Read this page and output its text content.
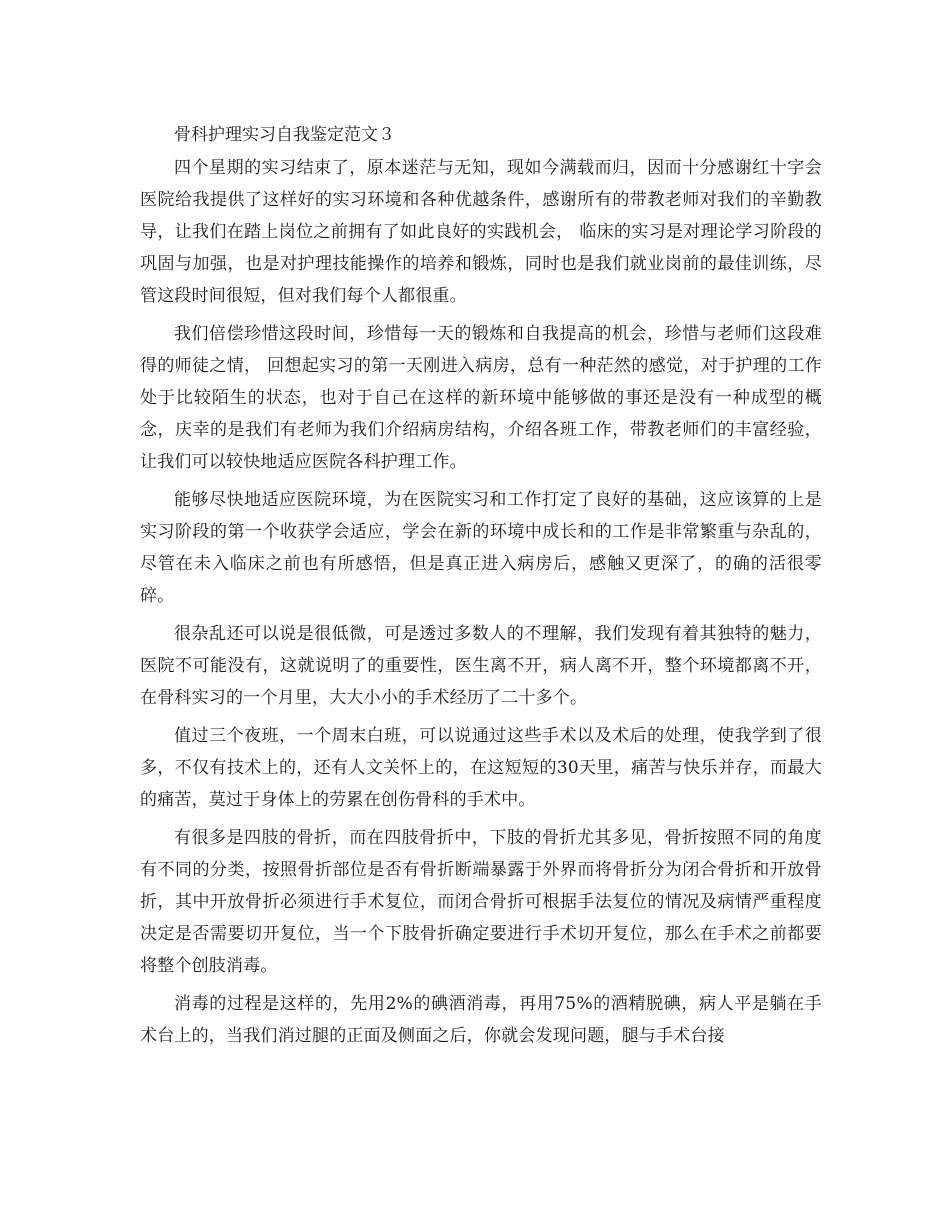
骨科护理实习自我鉴定范文３

四个星期的实习结束了，原本迷茫与无知，现如今满载而归，因而十分感谢红十字会医院给我提供了这样好的实习环境和各种优越条件，感谢所有的带教老师对我们的辛勤教导，让我们在踏上岗位之前拥有了如此良好的实践机会， 临床的实习是对理论学习阶段的巩固与加强，也是对护理技能操作的培养和锻炼，同时也是我们就业岗前的最佳训练，尽管这段时间很短，但对我们每个人都很重。

我们倍偿珍惜这段时间，珍惜每一天的锻炼和自我提高的机会，珍惜与老师们这段难得的师徒之情， 回想起实习的第一天刚进入病房，总有一种茫然的感觉，对于护理的工作处于比较陌生的状态，也对于自己在这样的新环境中能够做的事还是没有一种成型的概念，庆幸的是我们有老师为我们介绍病房结构，介绍各班工作，带教老师们的丰富经验，让我们可以较快地适应医院各科护理工作。

能够尽快地适应医院环境，为在医院实习和工作打定了良好的基础，这应该算的上是实习阶段的第一个收获学会适应，学会在新的环境中成长和的工作是非常繁重与杂乱的，尽管在未入临床之前也有所感悟，但是真正进入病房后，感触又更深了，的确的活很零碎。

很杂乱还可以说是很低微，可是透过多数人的不理解，我们发现有着其独特的魅力，医院不可能没有，这就说明了的重要性，医生离不开，病人离不开，整个环境都离不开， 在骨科实习的一个月里，大大小小的手术经历了二十多个。

值过三个夜班，一个周末白班，可以说通过这些手术以及术后的处理，使我学到了很多，不仅有技术上的，还有人文关怀上的，在这短短的30天里，痛苦与快乐并存，而最大的痛苦，莫过于身体上的劳累在创伤骨科的手术中。

有很多是四肢的骨折，而在四肢骨折中，下肢的骨折尤其多见，骨折按照不同的角度有不同的分类，按照骨折部位是否有骨折断端暴露于外界而将骨折分为闭合骨折和开放骨折，其中开放骨折必须进行手术复位，而闭合骨折可根据手法复位的情况及病情严重程度决定是否需要切开复位，当一个下肢骨折确定要进行手术切开复位，那么在手术之前都要将整个创肢消毒。

消毒的过程是这样的，先用2%的碘酒消毒，再用75%的酒精脱碘，病人平是躺在手术台上的，当我们消过腿的正面及侧面之后，你就会发现问题，腿与手术台接
